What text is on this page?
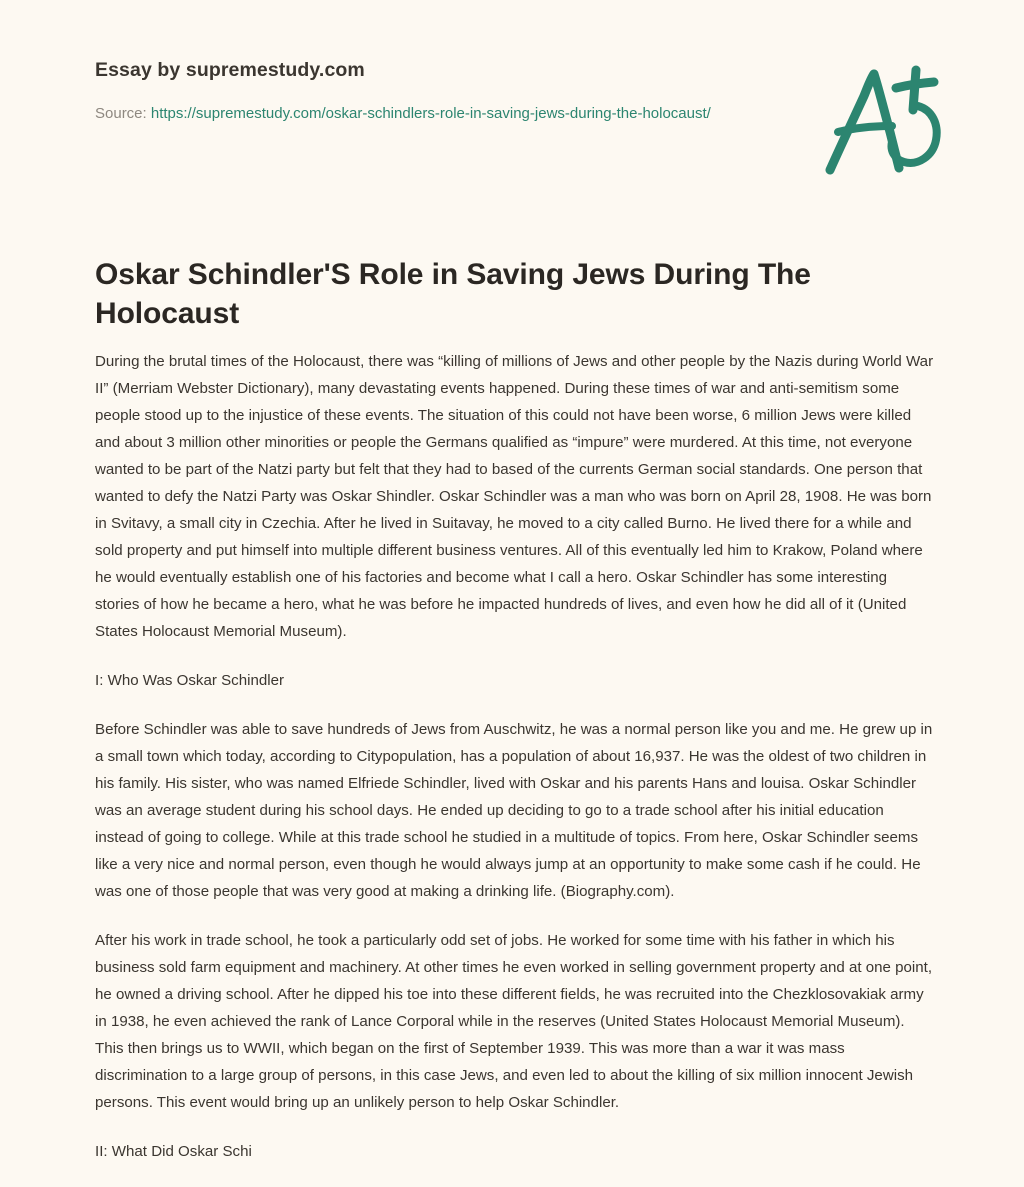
Essay by supremestudy.com
Source: https://supremestudy.com/oskar-schindlers-role-in-saving-jews-during-the-holocaust/
Oskar Schindler'S Role in Saving Jews During The Holocaust

During the brutal times of the Holocaust, there was “killing of millions of Jews and other people by the Nazis during World War II” (Merriam Webster Dictionary), many devastating events happened. During these times of war and anti-semitism some people stood up to the injustice of these events. The situation of this could not have been worse, 6 million Jews were killed and about 3 million other minorities or people the Germans qualified as “impure” were murdered. At this time, not everyone wanted to be part of the Natzi party but felt that they had to based of the currents German social standards. One person that wanted to defy the Natzi Party was Oskar Shindler. Oskar Schindler was a man who was born on April 28, 1908. He was born in Svitavy, a small city in Czechia. After he lived in Suitavay, he moved to a city called Burno. He lived there for a while and sold property and put himself into multiple different business ventures. All of this eventually led him to Krakow, Poland where he would eventually establish one of his factories and become what I call a hero. Oskar Schindler has some interesting stories of how he became a hero, what he was before he impacted hundreds of lives, and even how he did all of it (United States Holocaust Memorial Museum).

I: Who Was Oskar Schindler

Before Schindler was able to save hundreds of Jews from Auschwitz, he was a normal person like you and me. He grew up in a small town which today, according to Citypopulation, has a population of about 16,937. He was the oldest of two children in his family. His sister, who was named Elfriede Schindler, lived with Oskar and his parents Hans and louisa. Oskar Schindler was an average student during his school days. He ended up deciding to go to a trade school after his initial education instead of going to college. While at this trade school he studied in a multitude of topics. From here, Oskar Schindler seems like a very nice and normal person, even though he would always jump at an opportunity to make some cash if he could. He was one of those people that was very good at making a drinking life. (Biography.com).

After his work in trade school, he took a particularly odd set of jobs. He worked for some time with his father in which his business sold farm equipment and machinery. At other times he even worked in selling government property and at one point, he owned a driving school. After he dipped his toe into these different fields, he was recruited into the Chezklosovakiak army in 1938, he even achieved the rank of Lance Corporal while in the reserves (United States Holocaust Memorial Museum). This then brings us to WWII, which began on the first of September 1939. This was more than a war it was mass discrimination to a large group of persons, in this case Jews, and even led to about the killing of six million innocent Jewish persons. This event would bring up an unlikely person to help Oskar Schindler.

II: What Did Oskar Schi
